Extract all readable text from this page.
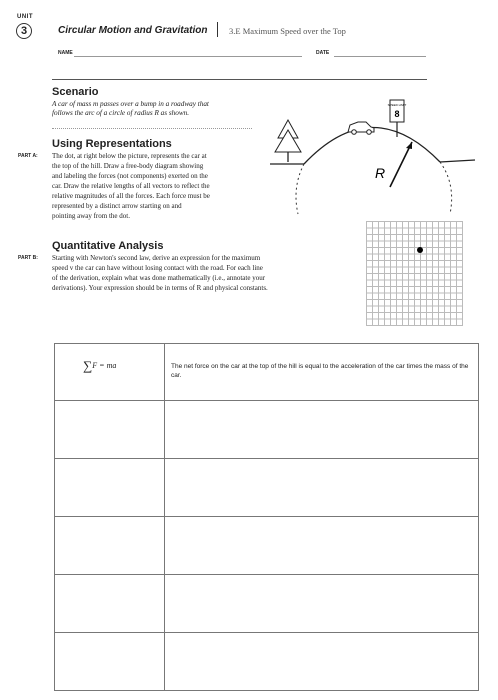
UNIT
3	Circular Motion and Gravitation	3.E Maximum Speed over the Top
NAME	DATE
Scenario
A car of mass m passes over a bump in a roadway that
follows the arc of a circle of radius R as shown.
Using Representations
PART A: The dot, at right below the picture, represents the car at
the top of the hill. Draw a free-body diagram showing
and labeling the forces (not components) exerted on the
car. Draw the relative lengths of all vectors to reflect the
relative magnitudes of all the forces. Each force must be
represented by a distinct arrow starting on and
pointing away from the dot.
Quantitative Analysis
PART B: Starting with Newton's second law, derive an expression for the maximum
speed v the car can have without losing contact with the road. For each line
of the derivation, explain what was done mathematically (i.e., annotate your
derivations). Your expression should be in terms of R and physical constants.
SPEED LIMIT
8
R
∑F = ma	The net force on the car at the top of the hill is equal to the acceleration of the car times the mass of the car.
